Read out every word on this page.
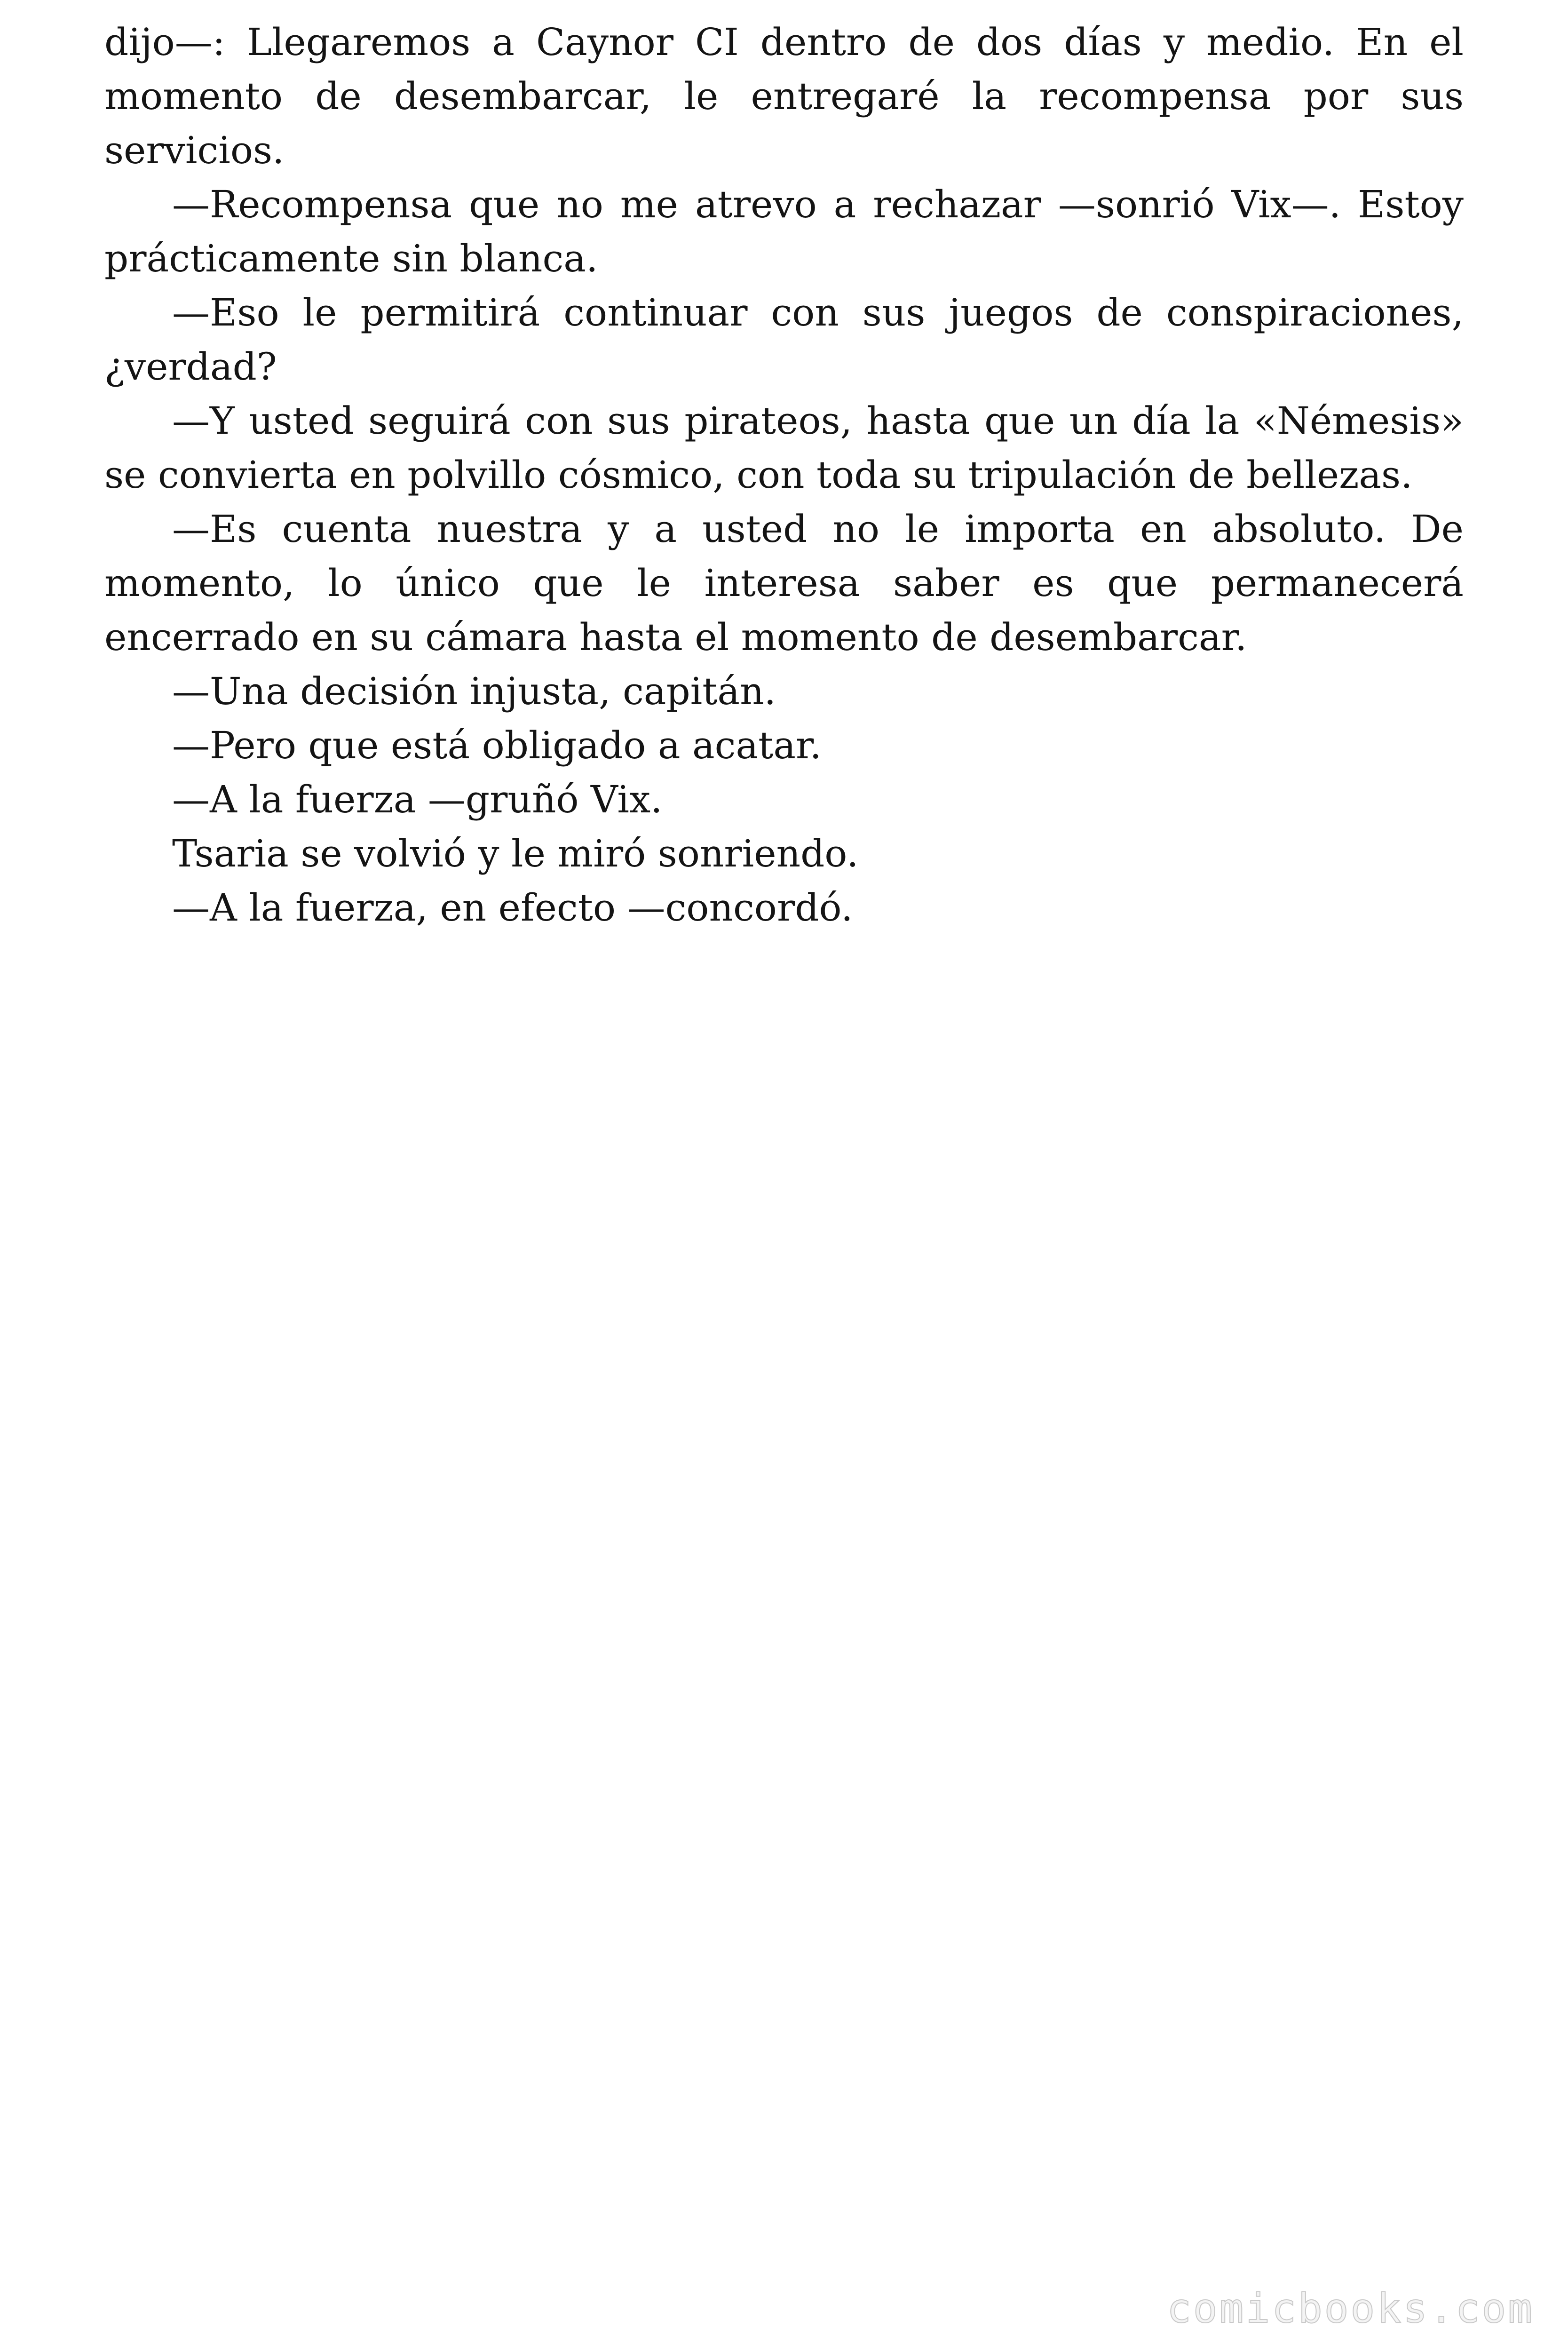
dijo—: Llegaremos a Caynor CI dentro de dos días y medio. En el momento de desembarcar, le entregaré la recompensa por sus servicios.

—Recompensa que no me atrevo a rechazar —sonrió Vix—. Estoy prácticamente sin blanca.

—Eso le permitirá continuar con sus juegos de conspiraciones, ¿verdad?

—Y usted seguirá con sus pirateos, hasta que un día la «Némesis» se convierta en polvillo cósmico, con toda su tripulación de bellezas.

—Es cuenta nuestra y a usted no le importa en absoluto. De momento, lo único que le interesa saber es que permanecerá encerrado en su cámara hasta el momento de desembarcar.

—Una decisión injusta, capitán.

—Pero que está obligado a acatar.

—A la fuerza —gruñó Vix.

Tsaria se volvió y le miró sonriendo.

—A la fuerza, en efecto —concordó.

comicbooks.com
